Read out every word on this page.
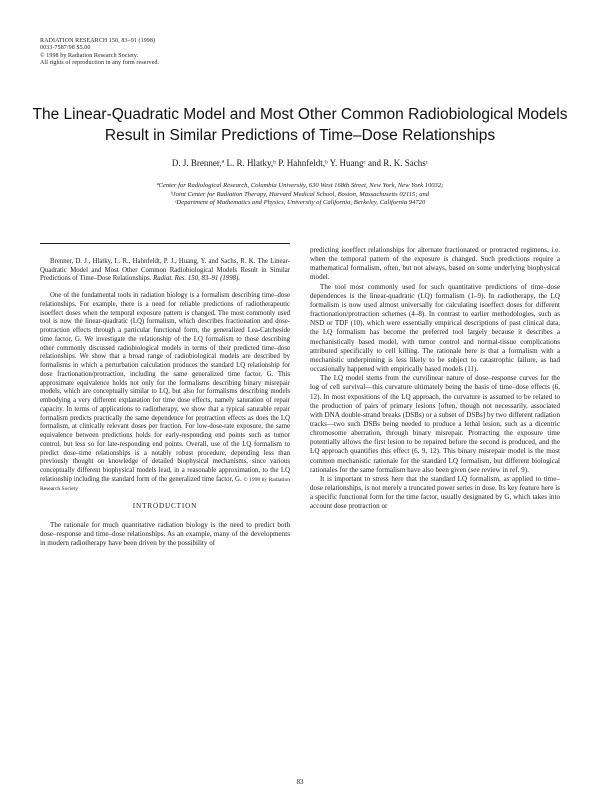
RADIATION RESEARCH 150, 83–91 (1998)
0033-7587/98 $5.00
© 1998 by Radiation Research Society.
All rights of reproduction in any form reserved.
The Linear-Quadratic Model and Most Other Common Radiobiological Models Result in Similar Predictions of Time–Dose Relationships
D. J. Brenner,ª L. R. Hlatky,ᵇ P. Hahnfeldt,ᵇ Y. Huangᶜ and R. K. Sachsᶜ
ªCenter for Radiological Research, Columbia University, 630 West 168th Street, New York, New York 10032;
ᵇJoint Center for Radiation Therapy, Harvard Medical School, Boston, Massachusetts 02115; and
ᶜDepartment of Mathematics and Physics, University of California, Berkeley, California 94720

Brenner, D. J., Hlatky, L. R., Hahnfeldt, P. J., Huang, Y. and Sachs, R. K. The Linear-Quadratic Model and Most Other Common Radiobiological Models Result in Similar Predictions of Time–Dose Relationships. Radiat. Res. 150, 83–91 (1998).

One of the fundamental tools in radiation biology is a formalism describing time–dose relationships. For example, there is a need for reliable predictions of radiotherapeutic isoeffect doses when the temporal exposure pattern is changed. The most commonly used tool is now the linear-quadratic (LQ) formalism, which describes fractionation and dose-protraction effects through a particular functional form, the generalized Lea-Catcheside time factor, G. We investigate the relationship of the LQ formalism to those describing other commonly discussed radiobiological models in terms of their predicted time–dose relationships. We show that a broad range of radiobiological models are described by formalisms in which a perturbation calculation produces the standard LQ relationship for dose fractionation/protraction, including the same generalized time factor, G. This approximate equivalence holds not only for the formalisms describing binary misrepair models, which are conceptually similar to LQ, but also for formalisms describing models embodying a very different explanation for time dose effects, namely saturation of repair capacity. In terms of applications to radiotherapy, we show that a typical saturable repair formalism predicts practically the same dependence for protraction effects as does the LQ formalism, at clinically relevant doses per fraction. For low-dose-rate exposure, the same equivalence between predictions holds for early-responding end points such as tumor control, but less so for late-responding end points. Overall, use of the LQ formalism to predict dose–time relationships is a notably robust procedure, depending less than previously thought on knowledge of detailed biophysical mechanisms, since various conceptually different biophysical models lead, in a reasonable approximation, to the LQ relationship including the standard form of the generalized time factor, G. © 1998 by Radiation Research Society

INTRODUCTION

The rationale for much quantitative radiation biology is the need to predict both dose–response and time–dose relationships. As an example, many of the developments in modern radiotherapy have been driven by the possibility of

predicting isoeffect relationships for alternate fractionated or protracted regimens, i.e. when the temporal pattern of the exposure is changed. Such predictions require a mathematical formalism, often, but not always, based on some underlying biophysical model.

The tool most commonly used for such quantitative predictions of time–dose dependences is the linear-quadratic (LQ) formalism (1–9). In radiotherapy, the LQ formalism is now used almost universally for calculating isoeffect doses for different fractionation/protraction schemes (4–8). In contrast to earlier methodologies, such as NSD or TDF (10), which were essentially empirical descriptions of past clinical data, the LQ formalism has become the preferred tool largely because it describes a mechanistically based model, with tumor control and normal-tissue complications attributed specifically to cell killing. The rationale here is that a formalism with a mechanistic underpinning is less likely to be subject to catastrophic failure, as had occasionally happened with empirically based models (11).

The LQ model stems from the curvilinear nature of dose–response curves for the log of cell survival—this curvature ultimately being the basis of time–dose effects (6, 12). In most expositions of the LQ approach, the curvature is assumed to be related to the production of pairs of primary lesions [often, though not necessarily, associated with DNA double-strand breaks (DSBs) or a subset of DSBs] by two different radiation tracks—two such DSBs being needed to produce a lethal lesion, such as a dicentric chromosome aberration, through binary misrepair. Protracting the exposure time potentially allows the first lesion to be repaired before the second is produced, and the LQ approach quantifies this effect (6, 9, 12). This binary misrepair model is the most common mechanistic rationale for the standard LQ formalism, but different biological rationales for the same formalism have also been given (see review in ref. 9).

It is important to stress here that the standard LQ formalism, as applied to time–dose relationships, is not merely a truncated power series in dose. Its key feature here is a specific functional form for the time factor, usually designated by G, which takes into account dose protraction or

83
